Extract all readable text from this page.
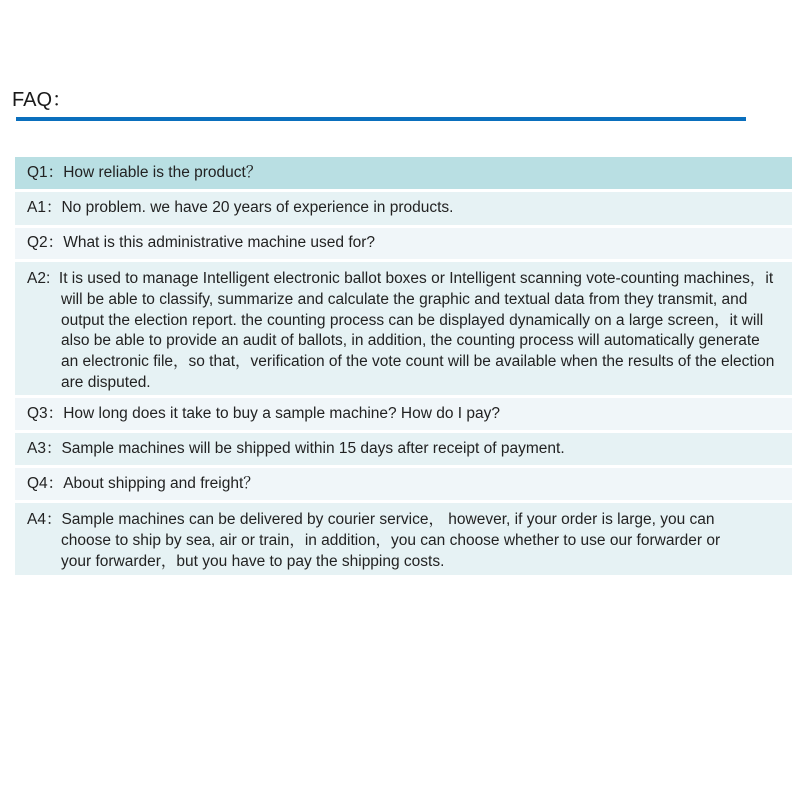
FAQ：
Q1： How reliable is the product？
A1： No problem. we have 20 years of experience in products.
Q2： What is this administrative machine used for?
A2:  It is used to manage Intelligent electronic ballot boxes or Intelligent scanning vote-counting machines，it will be able to classify, summarize and calculate the graphic and textual data from they transmit, and output the election report. the counting process can be displayed dynamically on a large screen，it will also be able to provide an audit of ballots, in addition, the counting process will automatically generate an electronic file，so that，verification of the vote count will be available when the results of the election are disputed.
Q3： How long does it take to buy a sample machine? How do I pay?
A3： Sample machines will be shipped within 15 days after receipt of payment.
Q4： About shipping and freight？
A4：Sample machines can be delivered by courier service， however, if your order is large, you can choose to ship by sea, air or train，in addition，you can choose whether to use our forwarder or your forwarder，but you have to pay the shipping costs.
